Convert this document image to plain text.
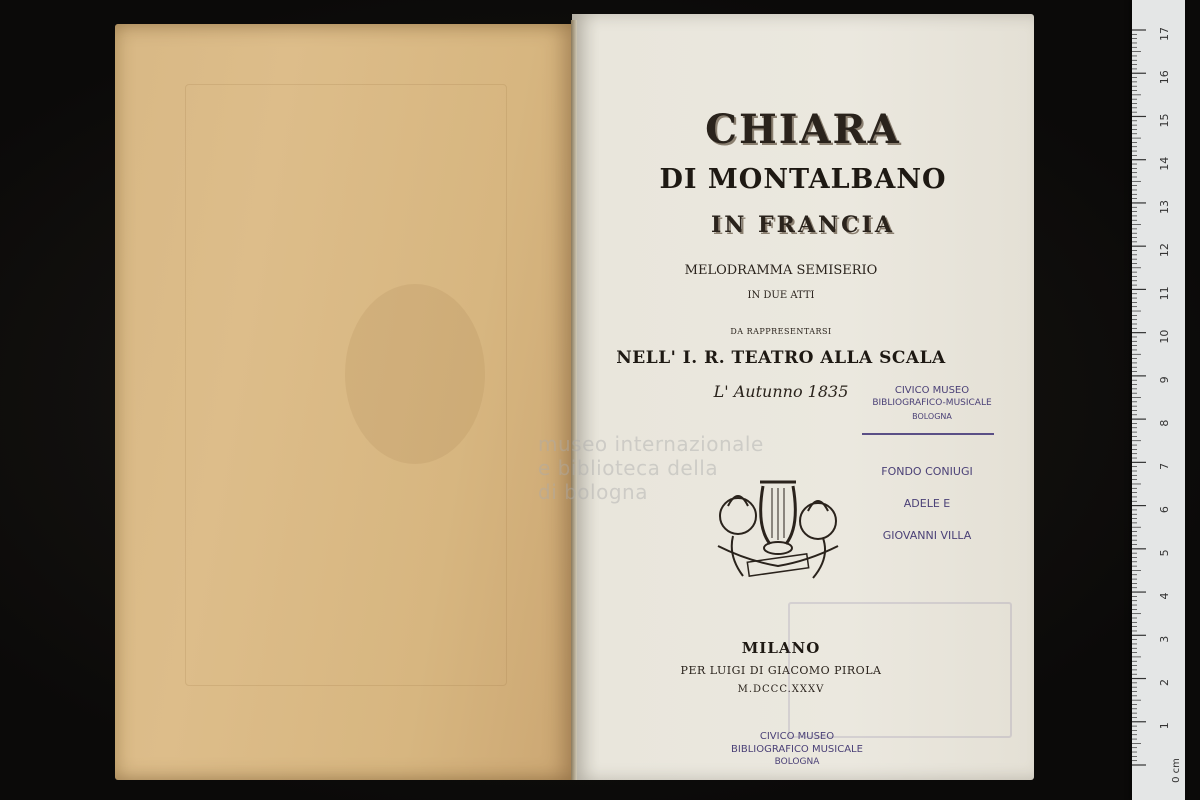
CHIARA
DI MONTALBANO
IN FRANCIA
MELODRAMMA SEMISERIO
IN DUE ATTI
DA RAPPRESENTARSI
NELL' I. R. TEATRO ALLA SCALA
L' Autunno 1835
MILANO
PER LUIGI DI GIACOMO PIROLA
M.DCCC.XXXV
CIVICO MUSEO
BIBLIOGRAFICO-MUSICALE
BOLOGNA
FONDO CONIUGI
ADELE E
GIOVANNI VILLA
CIVICO MUSEO
BIBLIOGRAFICO MUSICALE
BOLOGNA
museo internazionale
e biblioteca della
di bologna
17
16
15
14
13
12
11
10
9
8
7
6
5
4
3
2
1
0 cm
